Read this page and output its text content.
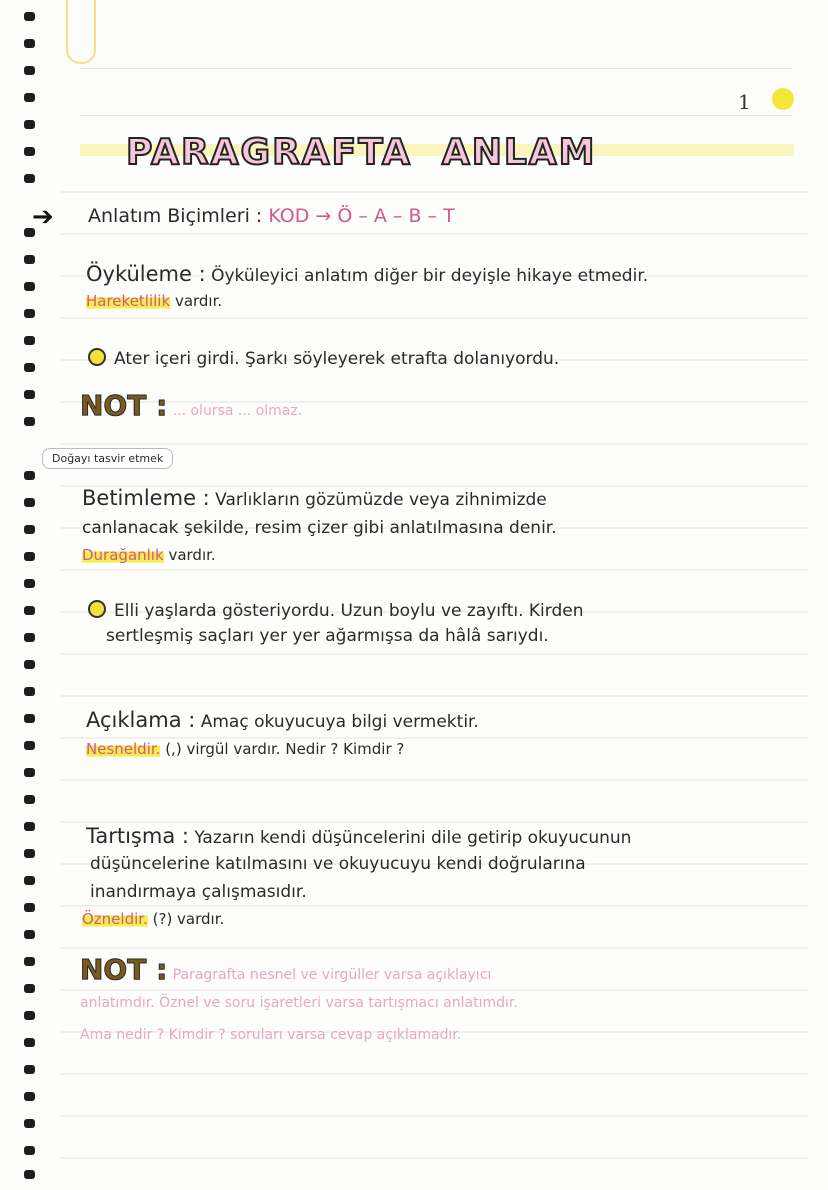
1
PARAGRAFTA ANLAM
➔ Anlatım Biçimleri : KOD → Ö – A – B – T
Öyküleme : Öyküleyici anlatım diğer bir deyişle hikaye etmedir.
Hareketlilik vardır.
Ater içeri girdi. Şarkı söyleyerek etrafta dolanıyordu.
NOT : ... olursa ... olmaz.
Doğayı tasvir etmek
Betimleme : Varlıkların gözümüzde veya zihnimizde
canlanacak şekilde, resim çizer gibi anlatılmasına denir.
Durağanlık vardır.
Elli yaşlarda gösteriyordu. Uzun boylu ve zayıftı. Kirden
sertleşmiş saçları yer yer ağarmışsa da hâlâ sarıydı.
Açıklama : Amaç okuyucuya bilgi vermektir.
Nesneldir. (,) virgül vardır. Nedir ? Kimdir ?
Tartışma : Yazarın kendi düşüncelerini dile getirip okuyucunun
düşüncelerine katılmasını ve okuyucuyu kendi doğrularına
inandırmaya çalışmasıdır.
Özneldir. (?) vardır.
NOT : Paragrafta nesnel ve virgüller varsa açıklayıcı
anlatımdır. Öznel ve soru işaretleri varsa tartışmacı anlatımdır.
Ama nedir ? Kimdir ? soruları varsa cevap açıklamadır.
